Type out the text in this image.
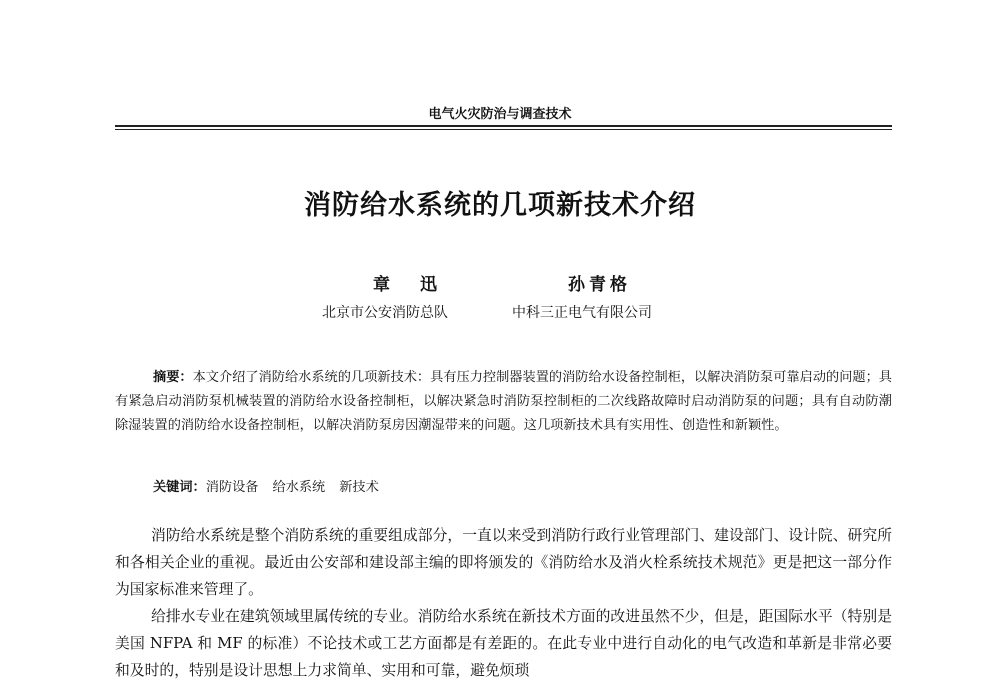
电气火灾防治与调查技术
消防给水系统的几项新技术介绍
章迅	孙青格
北京市公安消防总队	中科三正电气有限公司

摘要：本文介绍了消防给水系统的几项新技术：具有压力控制器装置的消防给水设备控制柜，以解决消防泵可靠启动的问题；具有紧急启动消防泵机械装置的消防给水设备控制柜，以解决紧急时消防泵控制柜的二次线路故障时启动消防泵的问题；具有自动防潮除湿装置的消防给水设备控制柜，以解决消防泵房因潮湿带来的问题。这几项新技术具有实用性、创造性和新颖性。

关键词：消防设备 给水系统 新技术

消防给水系统是整个消防系统的重要组成部分，一直以来受到消防行政行业管理部门、建设部门、设计院、研究所和各相关企业的重视。最近由公安部和建设部主编的即将颁发的《消防给水及消火栓系统技术规范》更是把这一部分作为国家标准来管理了。

给排水专业在建筑领域里属传统的专业。消防给水系统在新技术方面的改进虽然不少，但是，距国际水平（特别是美国 NFPA 和 MF 的标准）不论技术或工艺方面都是有差距的。在此专业中进行自动化的电气改造和革新是非常必要和及时的，特别是设计思想上力求简单、实用和可靠，避免烦琐
